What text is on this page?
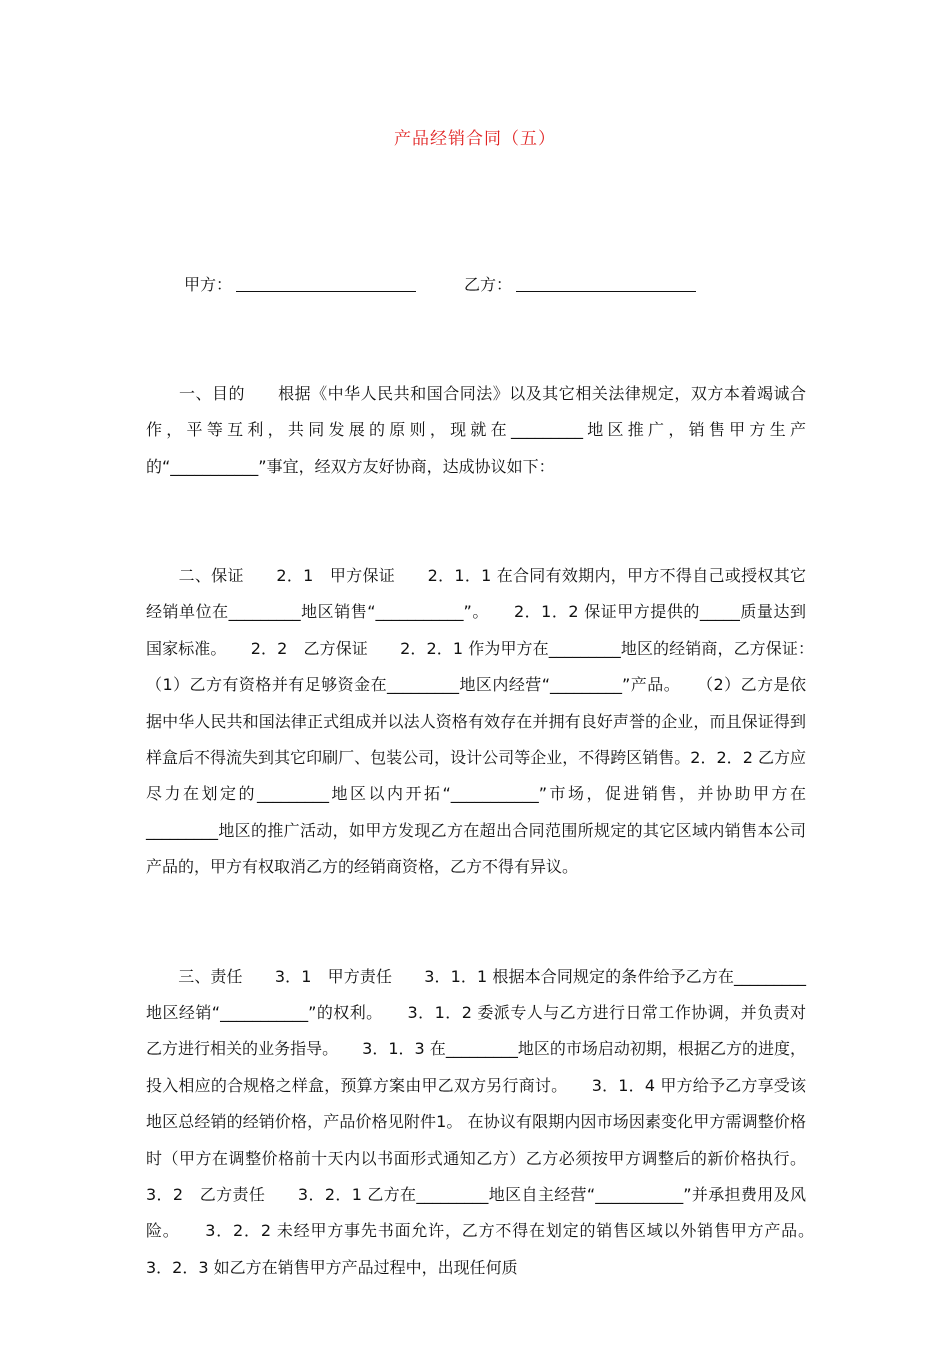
产品经销合同（五）

甲方：

	乙方：

　　一、目的　　根据《中华人民共和国合同法》以及其它相关法律规定，双方本着竭诚合作，平等互利，共同发展的原则，现就在_________地区推广，销售甲方生产的“___________”事宜，经双方友好协商，达成协议如下：

　　二、保证　　2．1　甲方保证　　2．1．1 在合同有效期内，甲方不得自己或授权其它经销单位在_________地区销售“___________”。　　2．1．2 保证甲方提供的_____质量达到国家标准。　　2．2　乙方保证　　2．2．1 作为甲方在_________地区的经销商，乙方保证：　　（1）乙方有资格并有足够资金在_________地区内经营“_________”产品。　　（2）乙方是依据中华人民共和国法律正式组成并以法人资格有效存在并拥有良好声誉的企业，而且保证得到样盒后不得流失到其它印刷厂、包装公司，设计公司等企业，不得跨区销售。2．2．2 乙方应尽力在划定的_________地区以内开拓“___________”市场，促进销售，并协助甲方在_________地区的推广活动，如甲方发现乙方在超出合同范围所规定的其它区域内销售本公司产品的，甲方有权取消乙方的经销商资格，乙方不得有异议。

　　三、责任　　3．1　甲方责任　　3．1．1 根据本合同规定的条件给予乙方在_________地区经销“___________”的权利。　　3．1．2 委派专人与乙方进行日常工作协调，并负责对乙方进行相关的业务指导。　　3．1．3 在_________地区的市场启动初期，根据乙方的进度，投入相应的合规格之样盒，预算方案由甲乙双方另行商讨。　　3．1．4 甲方给予乙方享受该地区总经销的经销价格，产品价格见附件1。 在协议有限期内因市场因素变化甲方需调整价格时（甲方在调整价格前十天内以书面形式通知乙方）乙方必须按甲方调整后的新价格执行。3．2　乙方责任　　3．2．1 乙方在_________地区自主经营“___________”并承担费用及风险。　　3．2．2 未经甲方事先书面允许，乙方不得在划定的销售区域以外销售甲方产品。　　3．2．3 如乙方在销售甲方产品过程中，出现任何质
